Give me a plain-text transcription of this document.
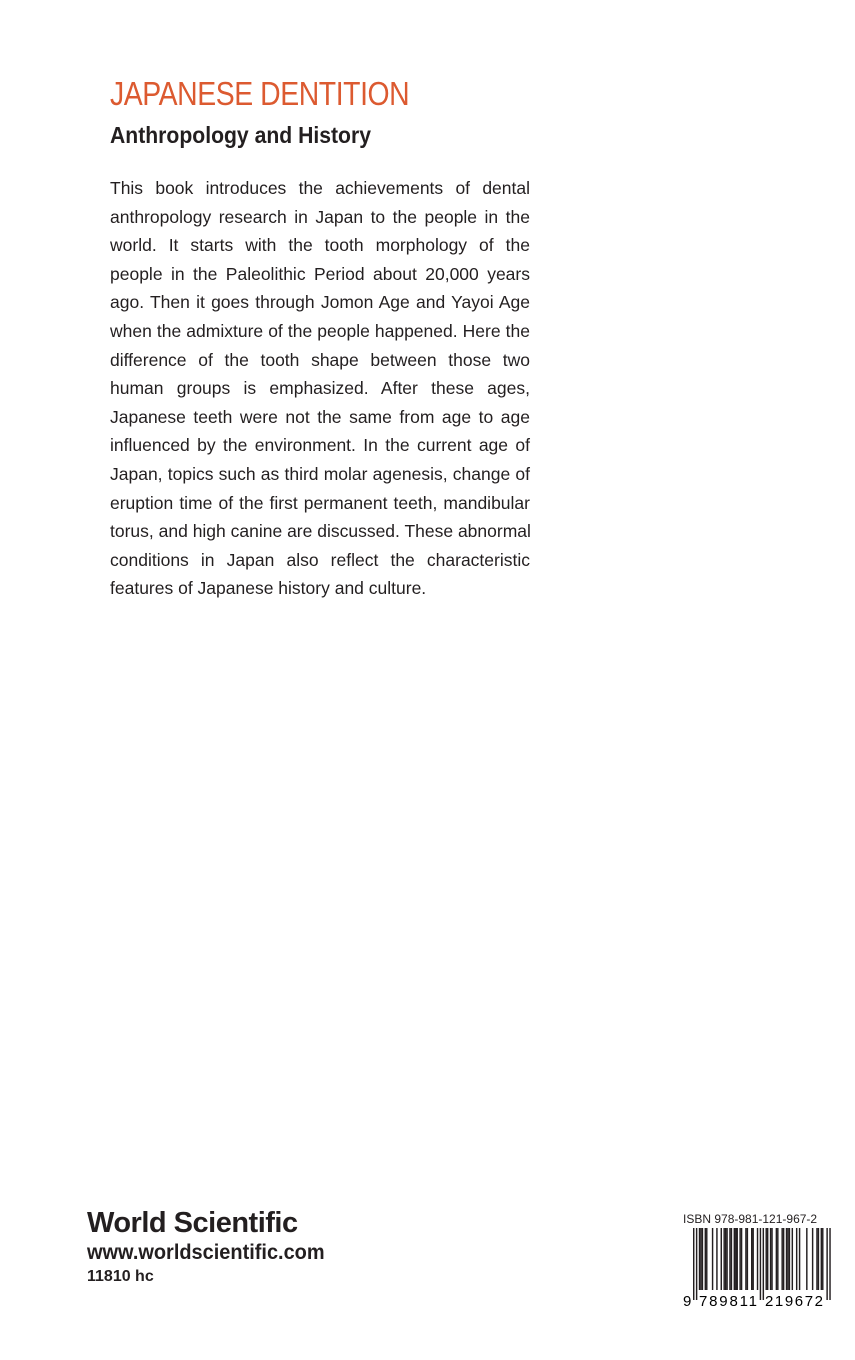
JAPANESE DENTITION
Anthropology and History
This book introduces the achievements of dental
anthropology research in Japan to the people in the
world. It starts with the tooth morphology of the
people in the Paleolithic Period about 20,000 years
ago. Then it goes through Jomon Age and Yayoi Age
when the admixture of the people happened. Here the
difference of the tooth shape between those two
human groups is emphasized. After these ages,
Japanese teeth were not the same from age to age
influenced by the environment. In the current age of
Japan, topics such as third molar agenesis, change of
eruption time of the first permanent teeth, mandibular
torus, and high canine are discussed. These abnormal
conditions in Japan also reflect the characteristic
features of Japanese history and culture.
World Scientific
www.worldscientific.com
11810 hc
ISBN 978-981-121-967-2
9 789811 219672
